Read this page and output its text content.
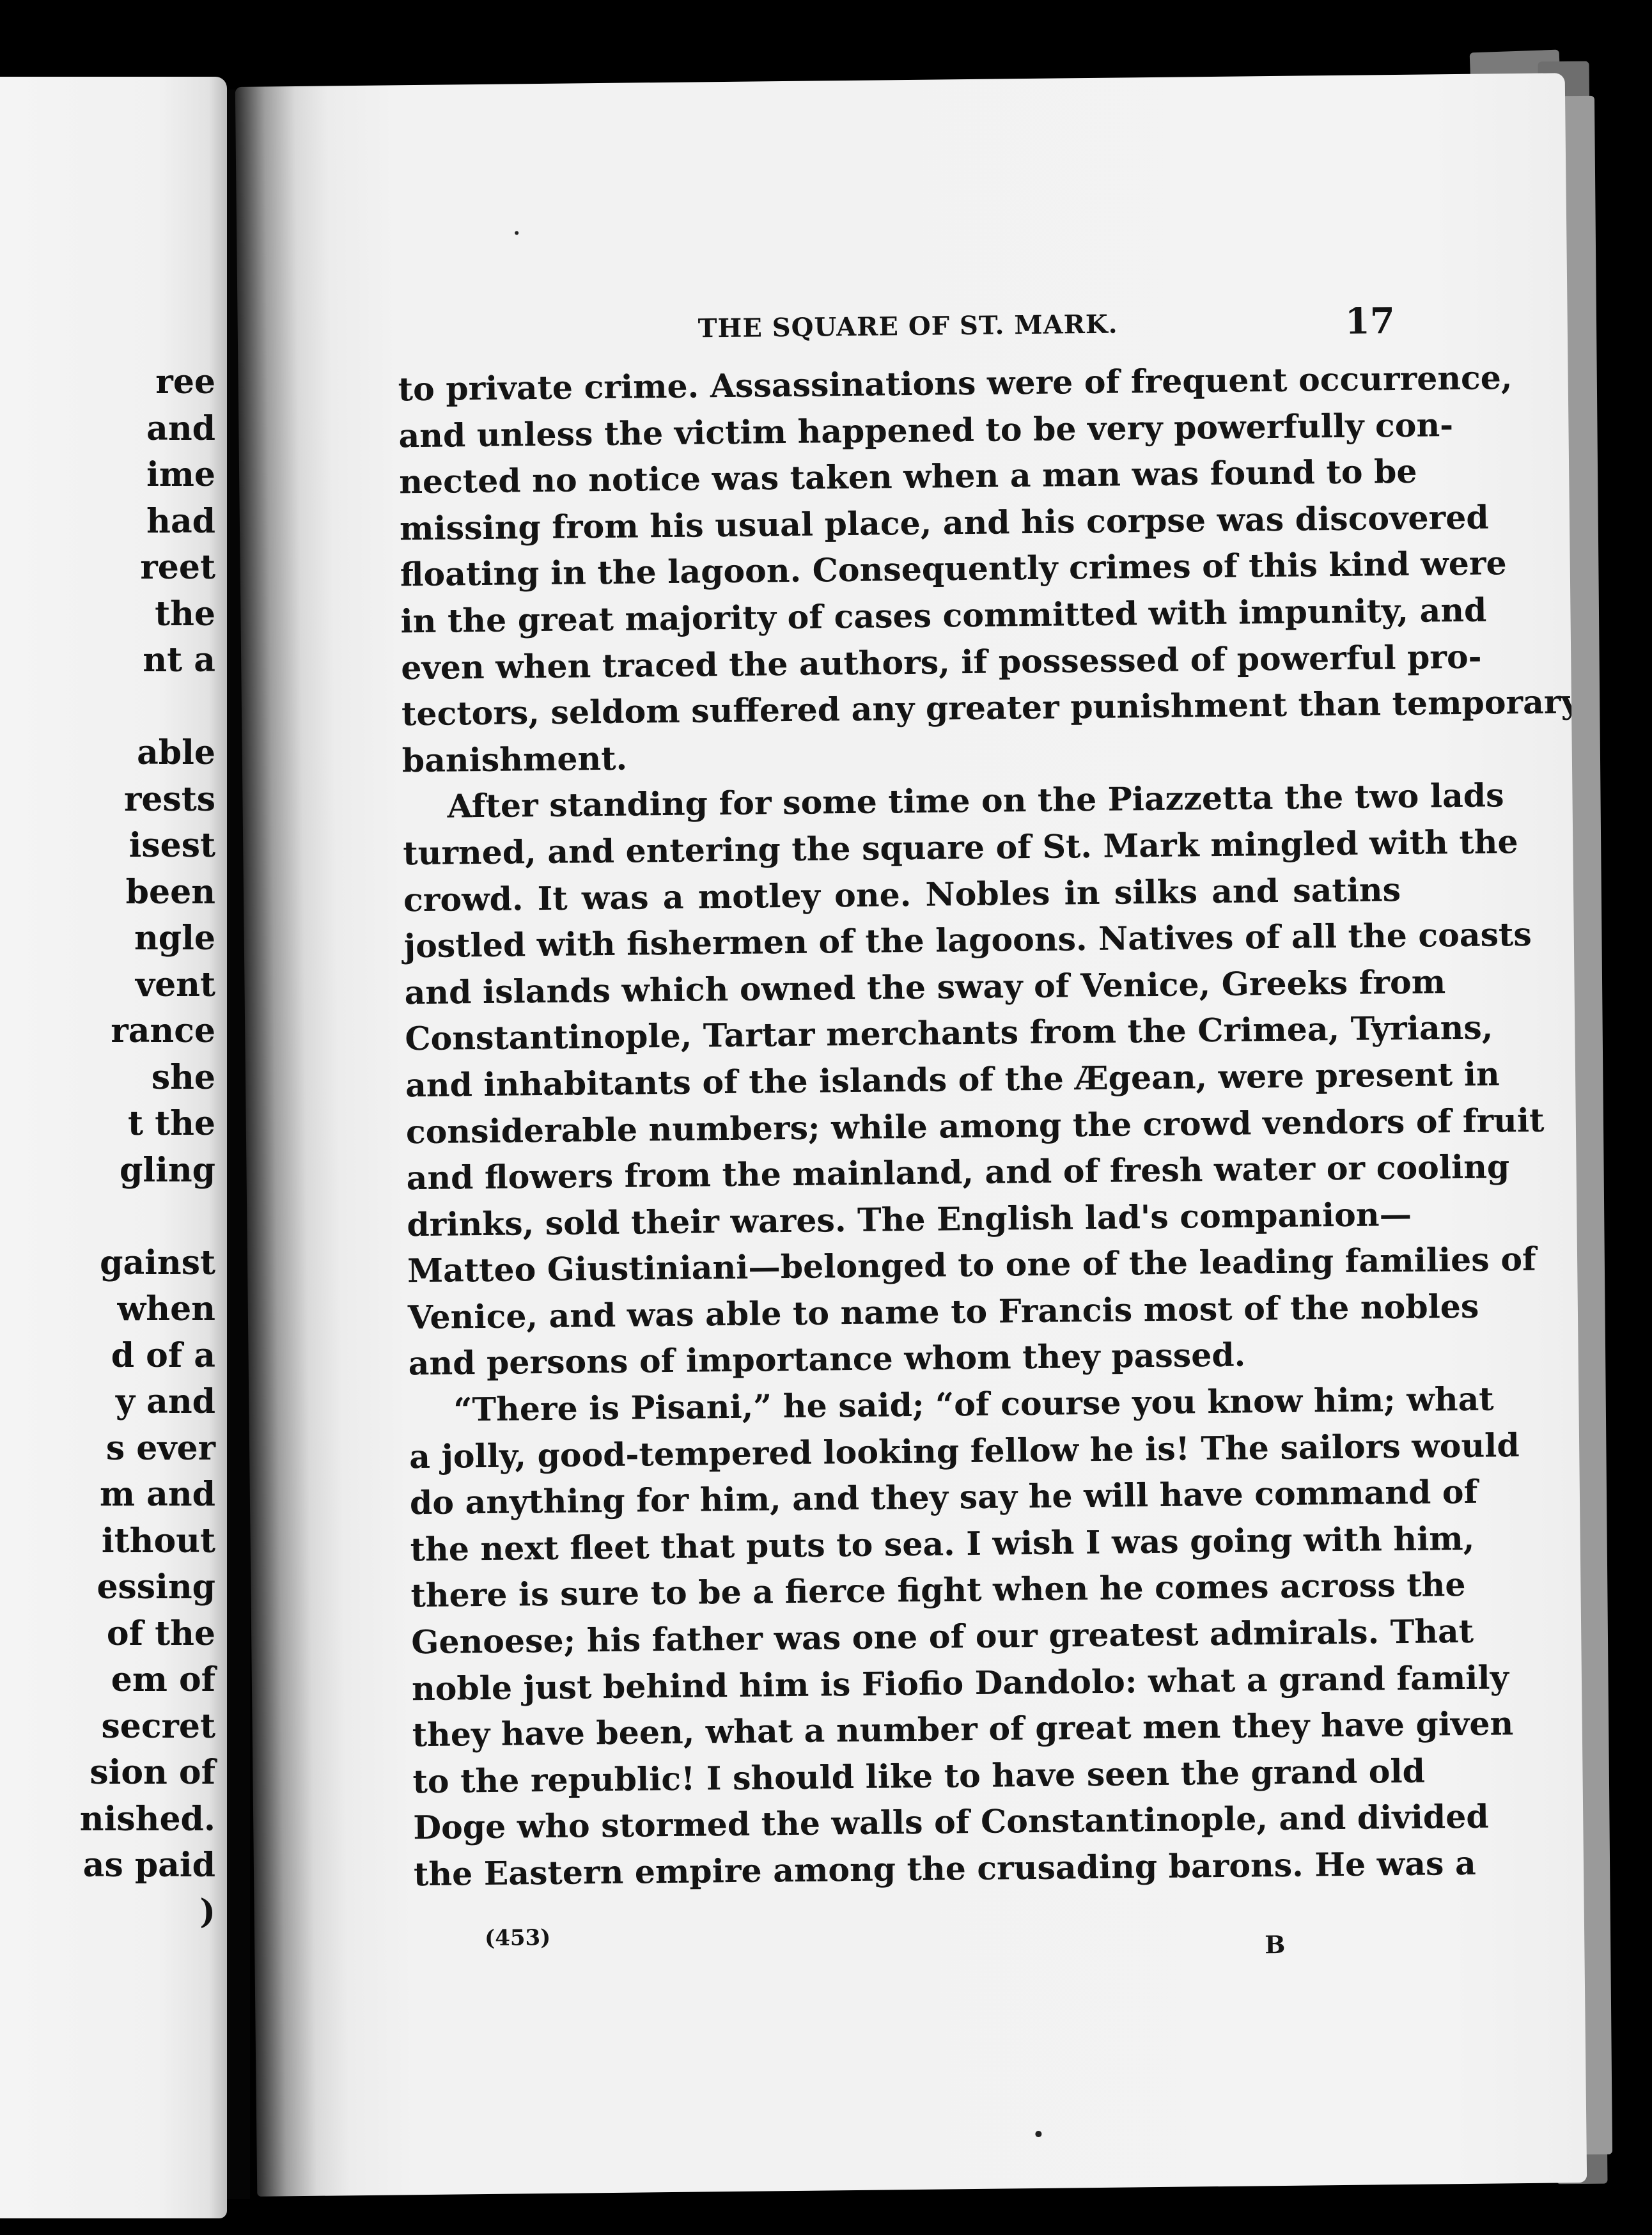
ree
and
ime
had
reet
the
nt a
able
rests
isest
been
ngle
vent
rance
she
t the
gling
gainst
when
d of a
y and
s ever
m and
ithout
essing
of the
em of
secret
sion of
nished.
as paid
)
THE SQUARE OF ST. MARK.	17
to private crime. Assassinations were of frequent occurrence,
and unless the victim happened to be very powerfully con-
nected no notice was taken when a man was found to be
missing from his usual place, and his corpse was discovered
floating in the lagoon. Consequently crimes of this kind were
in the great majority of cases committed with impunity, and
even when traced the authors, if possessed of powerful pro-
tectors, seldom suffered any greater punishment than temporary
banishment.
After standing for some time on the Piazzetta the two lads
turned, and entering the square of St. Mark mingled with the
crowd. It was a motley one. Nobles in silks and satins
jostled with fishermen of the lagoons. Natives of all the coasts
and islands which owned the sway of Venice, Greeks from
Constantinople, Tartar merchants from the Crimea, Tyrians,
and inhabitants of the islands of the Ægean, were present in
considerable numbers; while among the crowd vendors of fruit
and flowers from the mainland, and of fresh water or cooling
drinks, sold their wares. The English lad's companion—
Matteo Giustiniani—belonged to one of the leading families of
Venice, and was able to name to Francis most of the nobles
and persons of importance whom they passed.
“There is Pisani,” he said; “of course you know him; what
a jolly, good-tempered looking fellow he is! The sailors would
do anything for him, and they say he will have command of
the next fleet that puts to sea. I wish I was going with him,
there is sure to be a fierce fight when he comes across the
Genoese; his father was one of our greatest admirals. That
noble just behind him is Fiofio Dandolo: what a grand family
they have been, what a number of great men they have given
to the republic! I should like to have seen the grand old
Doge who stormed the walls of Constantinople, and divided
the Eastern empire among the crusading barons. He was a
(453)	B
